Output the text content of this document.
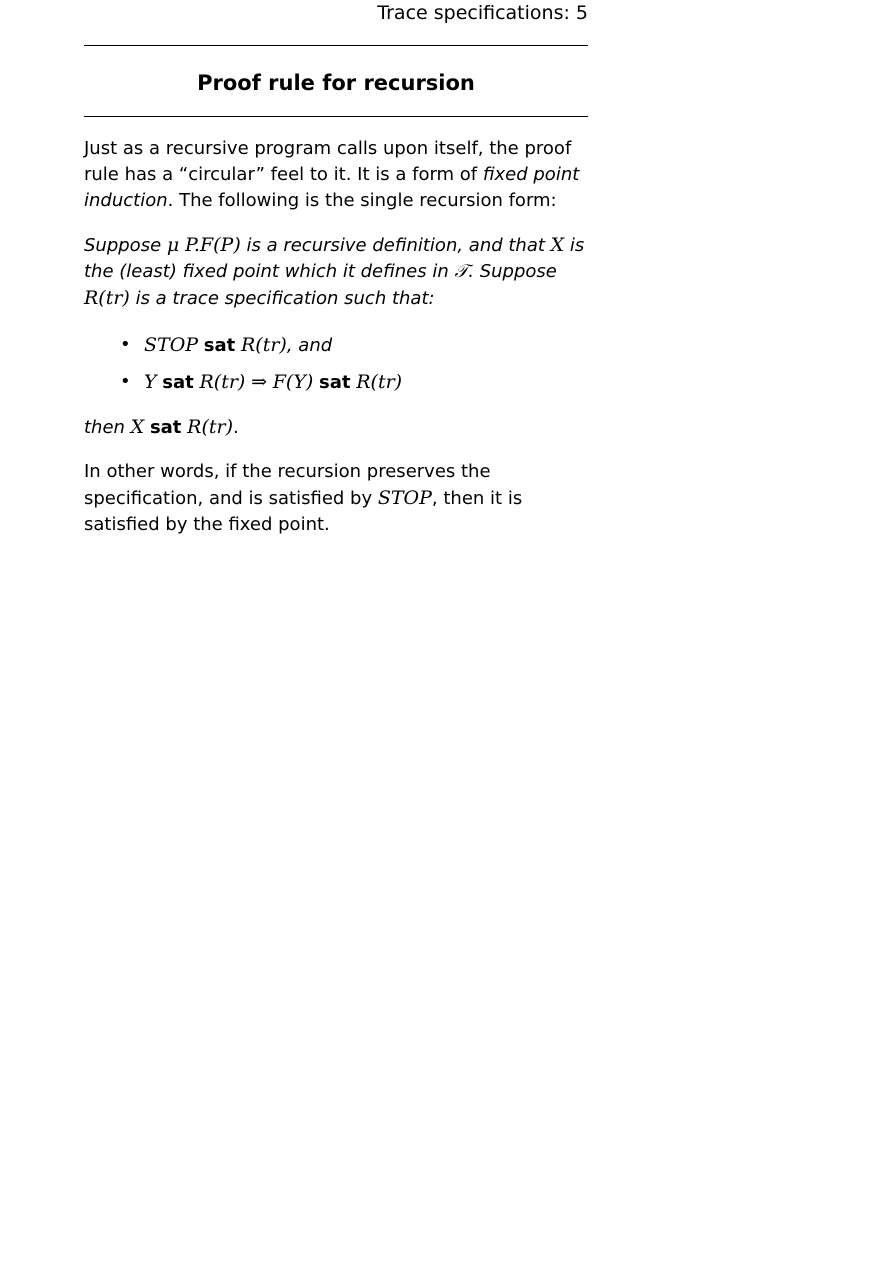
Trace specifications: 5
Proof rule for recursion

Just as a recursive program calls upon itself, the proof rule has a “circular” feel to it. It is a form of fixed point induction. The following is the single recursion form:

Suppose μ P.F(P) is a recursive definition, and that X is the (least) fixed point which it defines in 𝒯. Suppose R(tr) is a trace specification such that:

• STOP sat R(tr), and
• Y sat R(tr) ⇒ F(Y) sat R(tr)

then X sat R(tr).

In other words, if the recursion preserves the specification, and is satisfied by STOP, then it is satisfied by the fixed point.
